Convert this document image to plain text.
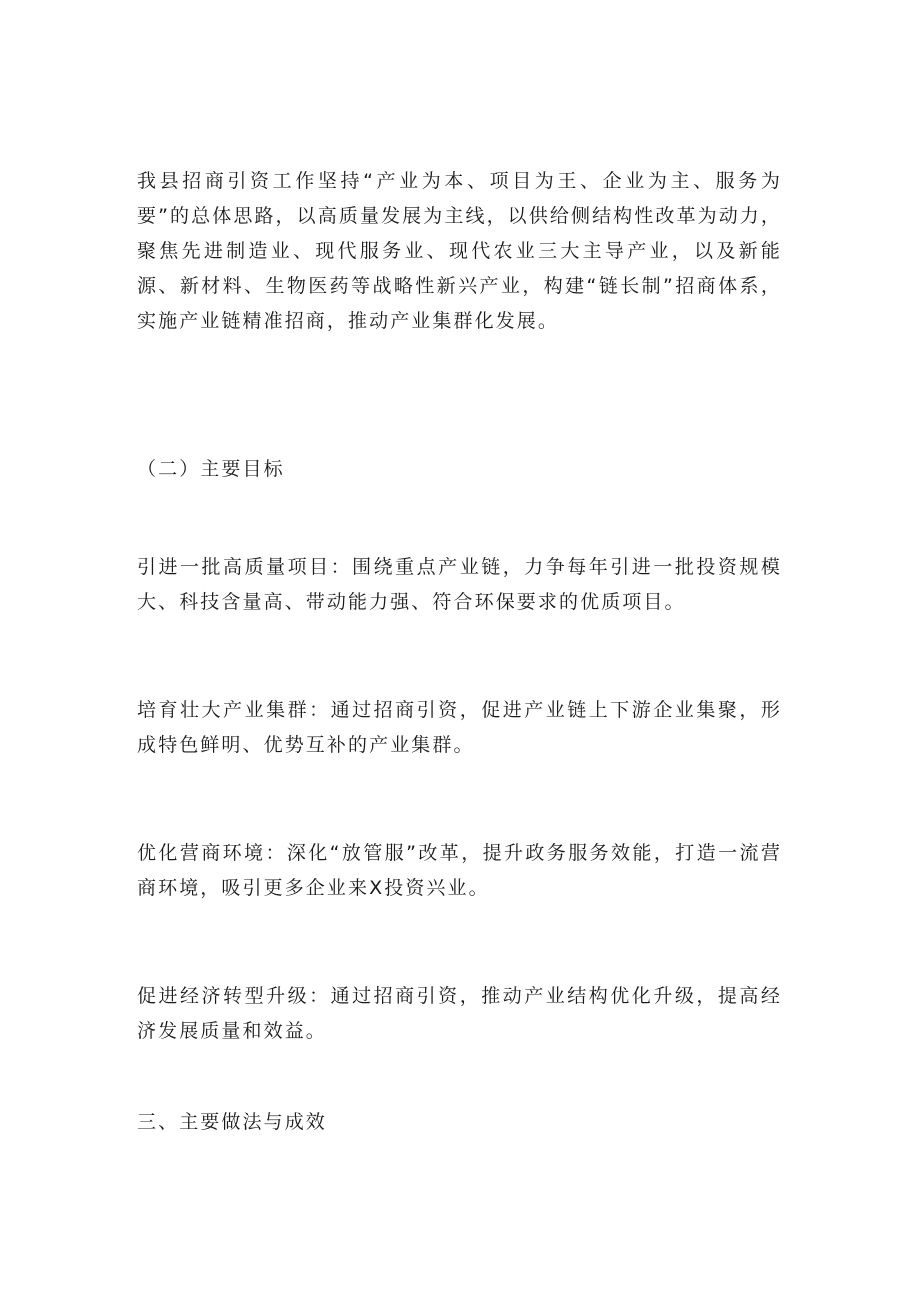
我县招商引资工作坚持“产业为本、项目为王、企业为主、服务为要”的总体思路，以高质量发展为主线，以供给侧结构性改革为动力，聚焦先进制造业、现代服务业、现代农业三大主导产业，以及新能源、新材料、生物医药等战略性新兴产业，构建“链长制”招商体系，实施产业链精准招商，推动产业集群化发展。

（二）主要目标

引进一批高质量项目：围绕重点产业链，力争每年引进一批投资规模大、科技含量高、带动能力强、符合环保要求的优质项目。

培育壮大产业集群：通过招商引资，促进产业链上下游企业集聚，形成特色鲜明、优势互补的产业集群。

优化营商环境：深化“放管服”改革，提升政务服务效能，打造一流营商环境，吸引更多企业来X投资兴业。

促进经济转型升级：通过招商引资，推动产业结构优化升级，提高经济发展质量和效益。

三、主要做法与成效
